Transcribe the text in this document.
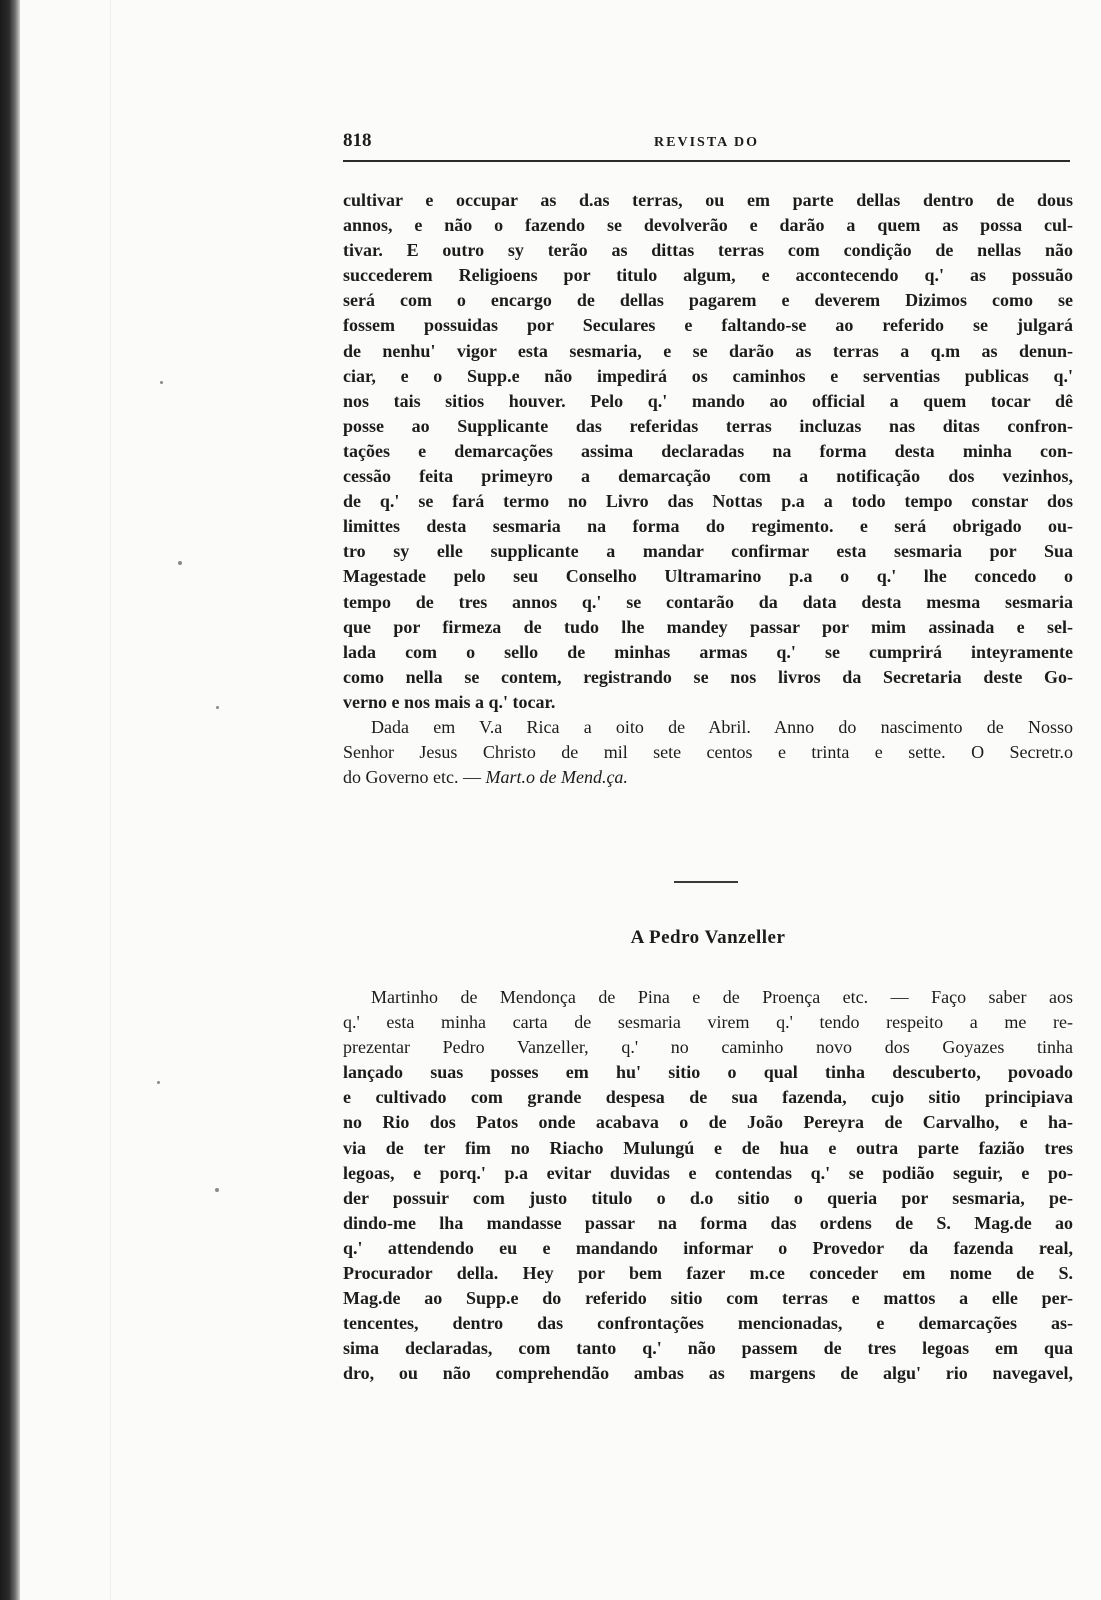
818	REVISTA DO
cultivar e occupar as d.as terras, ou em parte dellas dentro de dous
annos, e não o fazendo se devolverão e darão a quem as possa cul-
tivar. E outro sy terão as dittas terras com condição de nellas não
succederem Religioens por titulo algum, e accontecendo q.' as possuão
será com o encargo de dellas pagarem e deverem Dizimos como se
fossem possuidas por Seculares e faltando-se ao referido se julgará
de nenhu' vigor esta sesmaria, e se darão as terras a q.m as denun-
ciar, e o Supp.e não impedirá os caminhos e serventias publicas q.'
nos tais sitios houver. Pelo q.' mando ao official a quem tocar dê
posse ao Supplicante das referidas terras incluzas nas ditas confron-
tações e demarcações assima declaradas na forma desta minha con-
cessão feita primeyro a demarcação com a notificação dos vezinhos,
de q.' se fará termo no Livro das Nottas p.a a todo tempo constar dos
limittes desta sesmaria na forma do regimento. e será obrigado ou-
tro sy elle supplicante a mandar confirmar esta sesmaria por Sua
Magestade pelo seu Conselho Ultramarino p.a o q.' lhe concedo o
tempo de tres annos q.' se contarão da data desta mesma sesmaria
que por firmeza de tudo lhe mandey passar por mim assinada e sel-
lada com o sello de minhas armas q.' se cumprirá inteyramente
como nella se contem, registrando se nos livros da Secretaria deste Go-
verno e nos mais a q.' tocar.
Dada em V.a Rica a oito de Abril. Anno do nascimento de Nosso
Senhor Jesus Christo de mil sete centos e trinta e sette. O Secretr.o
do Governo etc. — Mart.o de Mend.ça.
A Pedro Vanzeller
Martinho de Mendonça de Pina e de Proença etc. — Faço saber aos
q.' esta minha carta de sesmaria virem q.' tendo respeito a me re-
prezentar Pedro Vanzeller, q.' no caminho novo dos Goyazes tinha
lançado suas posses em hu' sitio o qual tinha descuberto, povoado
e cultivado com grande despesa de sua fazenda, cujo sitio principiava
no Rio dos Patos onde acabava o de João Pereyra de Carvalho, e ha-
via de ter fim no Riacho Mulungú e de hua e outra parte fazião tres
legoas, e porq.' p.a evitar duvidas e contendas q.' se podião seguir, e po-
der possuir com justo titulo o d.o sitio o queria por sesmaria, pe-
dindo-me lha mandasse passar na forma das ordens de S. Mag.de ao
q.' attendendo eu e mandando informar o Provedor da fazenda real,
Procurador della. Hey por bem fazer m.ce conceder em nome de S.
Mag.de ao Supp.e do referido sitio com terras e mattos a elle per-
tencentes, dentro das confrontações mencionadas, e demarcações as-
sima declaradas, com tanto q.' não passem de tres legoas em qua
dro, ou não comprehendão ambas as margens de algu' rio navegavel,
